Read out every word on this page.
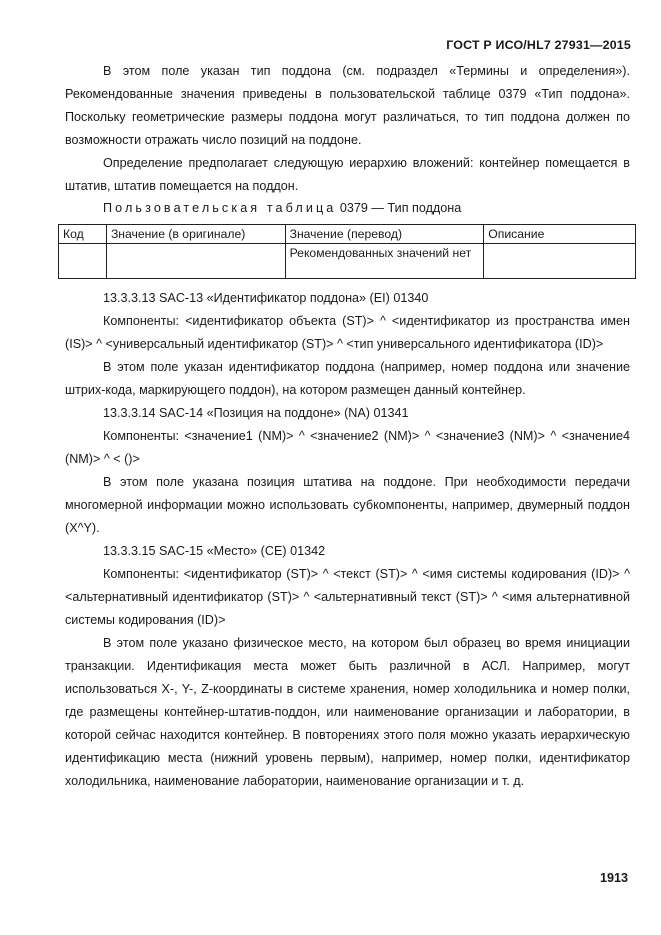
ГОСТ Р ИСО/HL7 27931—2015

В этом поле указан тип поддона (см. подраздел «Термины и определения»). Рекомендованные значения приведены в пользовательской таблице 0379 «Тип поддона». Поскольку геометрические размеры поддона могут различаться, то тип поддона должен по возможности отражать число позиций на поддоне.

Определение предполагает следующую иерархию вложений: контейнер помещается в штатив, штатив помещается на поддон.

Пользовательская таблица 0379 — Тип поддона
Код	Значение (в оригинале)	Значение (перевод)	Описание
		Рекомендованных значений нет	

13.3.3.13 SAC-13 «Идентификатор поддона» (EI) 01340

Компоненты: <идентификатор объекта (ST)> ^ <идентификатор из пространства имен (IS)> ^ <универсальный идентификатор (ST)> ^ <тип универсального идентификатора (ID)>

В этом поле указан идентификатор поддона (например, номер поддона или значение штрих-кода, маркирующего поддон), на котором размещен данный контейнер.

13.3.3.14 SAC-14 «Позиция на поддоне» (NA) 01341

Компоненты: <значение1 (NM)> ^ <значение2 (NM)> ^ <значение3 (NM)> ^ <значение4 (NM)> ^ < ()>

В этом поле указана позиция штатива на поддоне. При необходимости передачи многомерной информации можно использовать субкомпоненты, например, двумерный поддон (X^Y).

13.3.3.15 SAC-15 «Место» (CE) 01342

Компоненты: <идентификатор (ST)> ^ <текст (ST)> ^ <имя системы кодирования (ID)> ^ <альтернативный идентификатор (ST)> ^ <альтернативный текст (ST)> ^ <имя альтернативной системы кодирования (ID)>

В этом поле указано физическое место, на котором был образец во время инициации транзакции. Идентификация места может быть различной в АСЛ. Например, могут использоваться X-, Y-, Z-координаты в системе хранения, номер холодильника и номер полки, где размещены контейнер-штатив-поддон, или наименование организации и лаборатории, в которой сейчас находится контейнер. В повторениях этого поля можно указать иерархическую идентификацию места (нижний уровень первым), например, номер полки, идентификатор холодильника, наименование лаборатории, наименование организации и т. д.

1913
